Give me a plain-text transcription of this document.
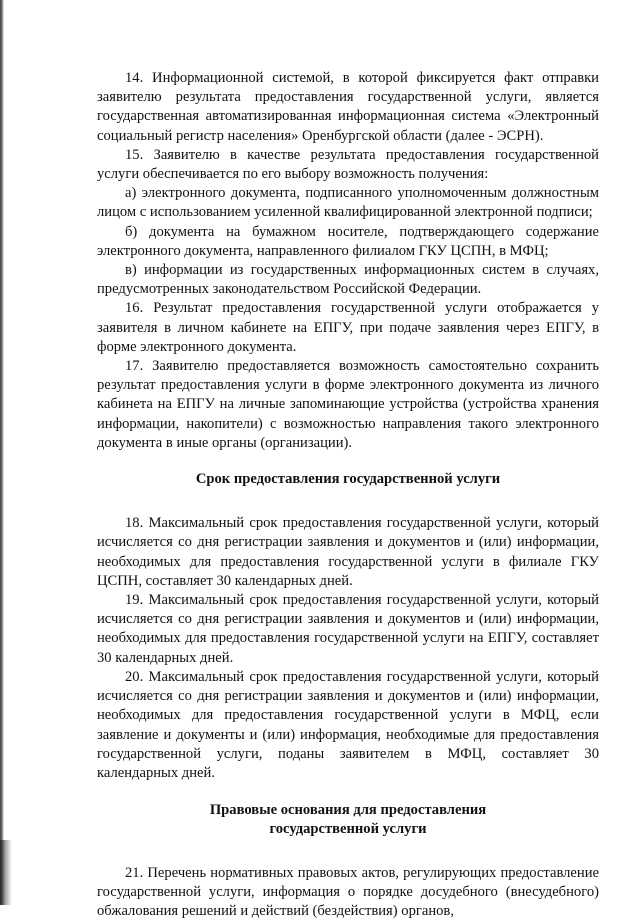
14. Информационной системой, в которой фиксируется факт отправки заявителю результата предоставления государственной услуги, является государственная автоматизированная информационная система «Электронный социальный регистр населения» Оренбургской области (далее - ЭСРН).

15. Заявителю в качестве результата предоставления государственной услуги обеспечивается по его выбору возможность получения:

а) электронного документа, подписанного уполномоченным должностным лицом с использованием усиленной квалифицированной электронной подписи;

б) документа на бумажном носителе, подтверждающего содержание электронного документа, направленного филиалом ГКУ ЦСПН, в МФЦ;

в) информации из государственных информационных систем в случаях, предусмотренных законодательством Российской Федерации.

16. Результат предоставления государственной услуги отображается у заявителя в личном кабинете на ЕПГУ, при подаче заявления через ЕПГУ, в форме электронного документа.

17. Заявителю предоставляется возможность самостоятельно сохранить результат предоставления услуги в форме электронного документа из личного кабинета на ЕПГУ на личные запоминающие устройства (устройства хранения информации, накопители) с возможностью направления такого электронного документа в иные органы (организации).

Срок предоставления государственной услуги

18. Максимальный срок предоставления государственной услуги, который исчисляется со дня регистрации заявления и документов и (или) информации, необходимых для предоставления государственной услуги в филиале ГКУ ЦСПН, составляет 30 календарных дней.

19. Максимальный срок предоставления государственной услуги, который исчисляется со дня регистрации заявления и документов и (или) информации, необходимых для предоставления государственной услуги на ЕПГУ, составляет 30 календарных дней.

20. Максимальный срок предоставления государственной услуги, который исчисляется со дня регистрации заявления и документов и (или) информации, необходимых для предоставления государственной услуги в МФЦ, если заявление и документы и (или) информация, необходимые для предоставления государственной услуги, поданы заявителем в МФЦ, составляет 30 календарных дней.

Правовые основания для предоставления

государственной услуги

21. Перечень нормативных правовых актов, регулирующих предоставление государственной услуги, информация о порядке досудебного (внесудебного) обжалования решений и действий (бездействия) органов,
